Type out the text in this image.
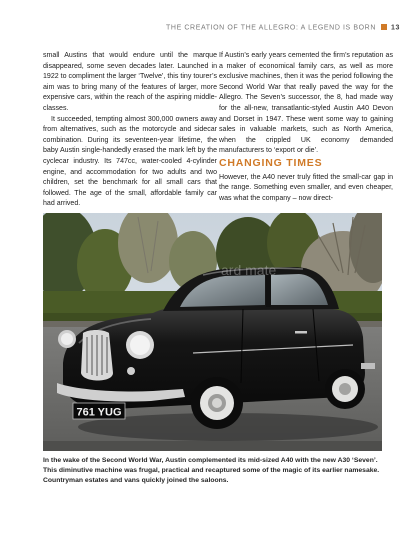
THE CREATION OF THE ALLEGRO: A LEGEND IS BORN 13

small Austins that would endure until the marque disappeared, some seven decades later. Launched in 1922 to compliment the larger ‘Twelve’, this tiny tourer’s aim was to bring many of the features of larger, more expensive cars, within the reach of the aspiring middle-classes.

It succeeded, tempting almost 300,000 owners away from alternatives, such as the motorcycle and sidecar combination. During its seventeen-year lifetime, the baby Austin single-handedly erased the mark left by the cyclecar industry. Its 747cc, water-cooled 4-cylinder engine, and accommodation for two adults and two children, set the benchmark for all small cars that followed. The age of the small, affordable family car had arrived.

If Austin’s early years cemented the firm’s reputation as a maker of economical family cars, as well as more exclusive machines, then it was the period following the Second World War that really paved the way for the Allegro. The Seven’s successor, the 8, had made way for the all-new, transatlantic-styled Austin A40 Devon and Dorset in 1947. These went some way to gaining sales in valuable markets, such as North America, when the crippled UK economy demanded manufacturers to ‘export or die’.

CHANGING TIMES

However, the A40 never truly fitted the small-car gap in the range. Something even smaller, and even cheaper, was what the company – now direct-

761 YUG
ard mate
In the wake of the Second World War, Austin complemented its mid-sized A40 with the new A30 ‘Seven’. This diminutive machine was frugal, practical and recaptured some of the magic of its earlier namesake. Countryman estates and vans quickly joined the saloons.
